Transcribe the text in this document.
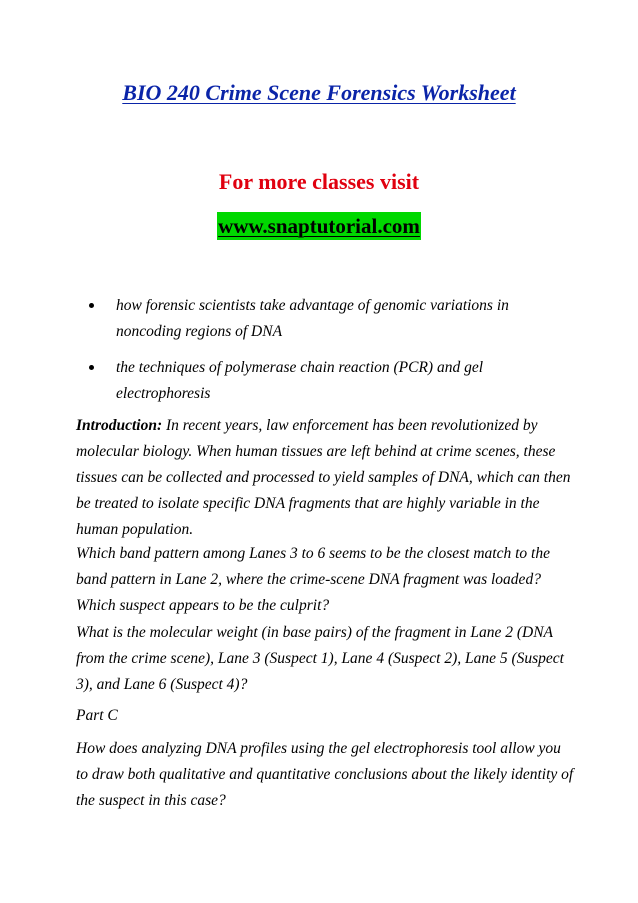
BIO 240 Crime Scene Forensics Worksheet

For more classes visit

www.snaptutorial.com

how forensic scientists take advantage of genomic variations in noncoding regions of DNA
the techniques of polymerase chain reaction (PCR) and gel electrophoresis

Introduction: In recent years, law enforcement has been revolutionized by molecular biology. When human tissues are left behind at crime scenes, these tissues can be collected and processed to yield samples of DNA, which can then be treated to isolate specific DNA fragments that are highly variable in the human population.

Which band pattern among Lanes 3 to 6 seems to be the closest match to the band pattern in Lane 2, where the crime-scene DNA fragment was loaded? Which suspect appears to be the culprit?

What is the molecular weight (in base pairs) of the fragment in Lane 2 (DNA from the crime scene), Lane 3 (Suspect 1), Lane 4 (Suspect 2), Lane 5 (Suspect 3), and Lane 6 (Suspect 4)?

Part C

How does analyzing DNA profiles using the gel electrophoresis tool allow you to draw both qualitative and quantitative conclusions about the likely identity of the suspect in this case?
